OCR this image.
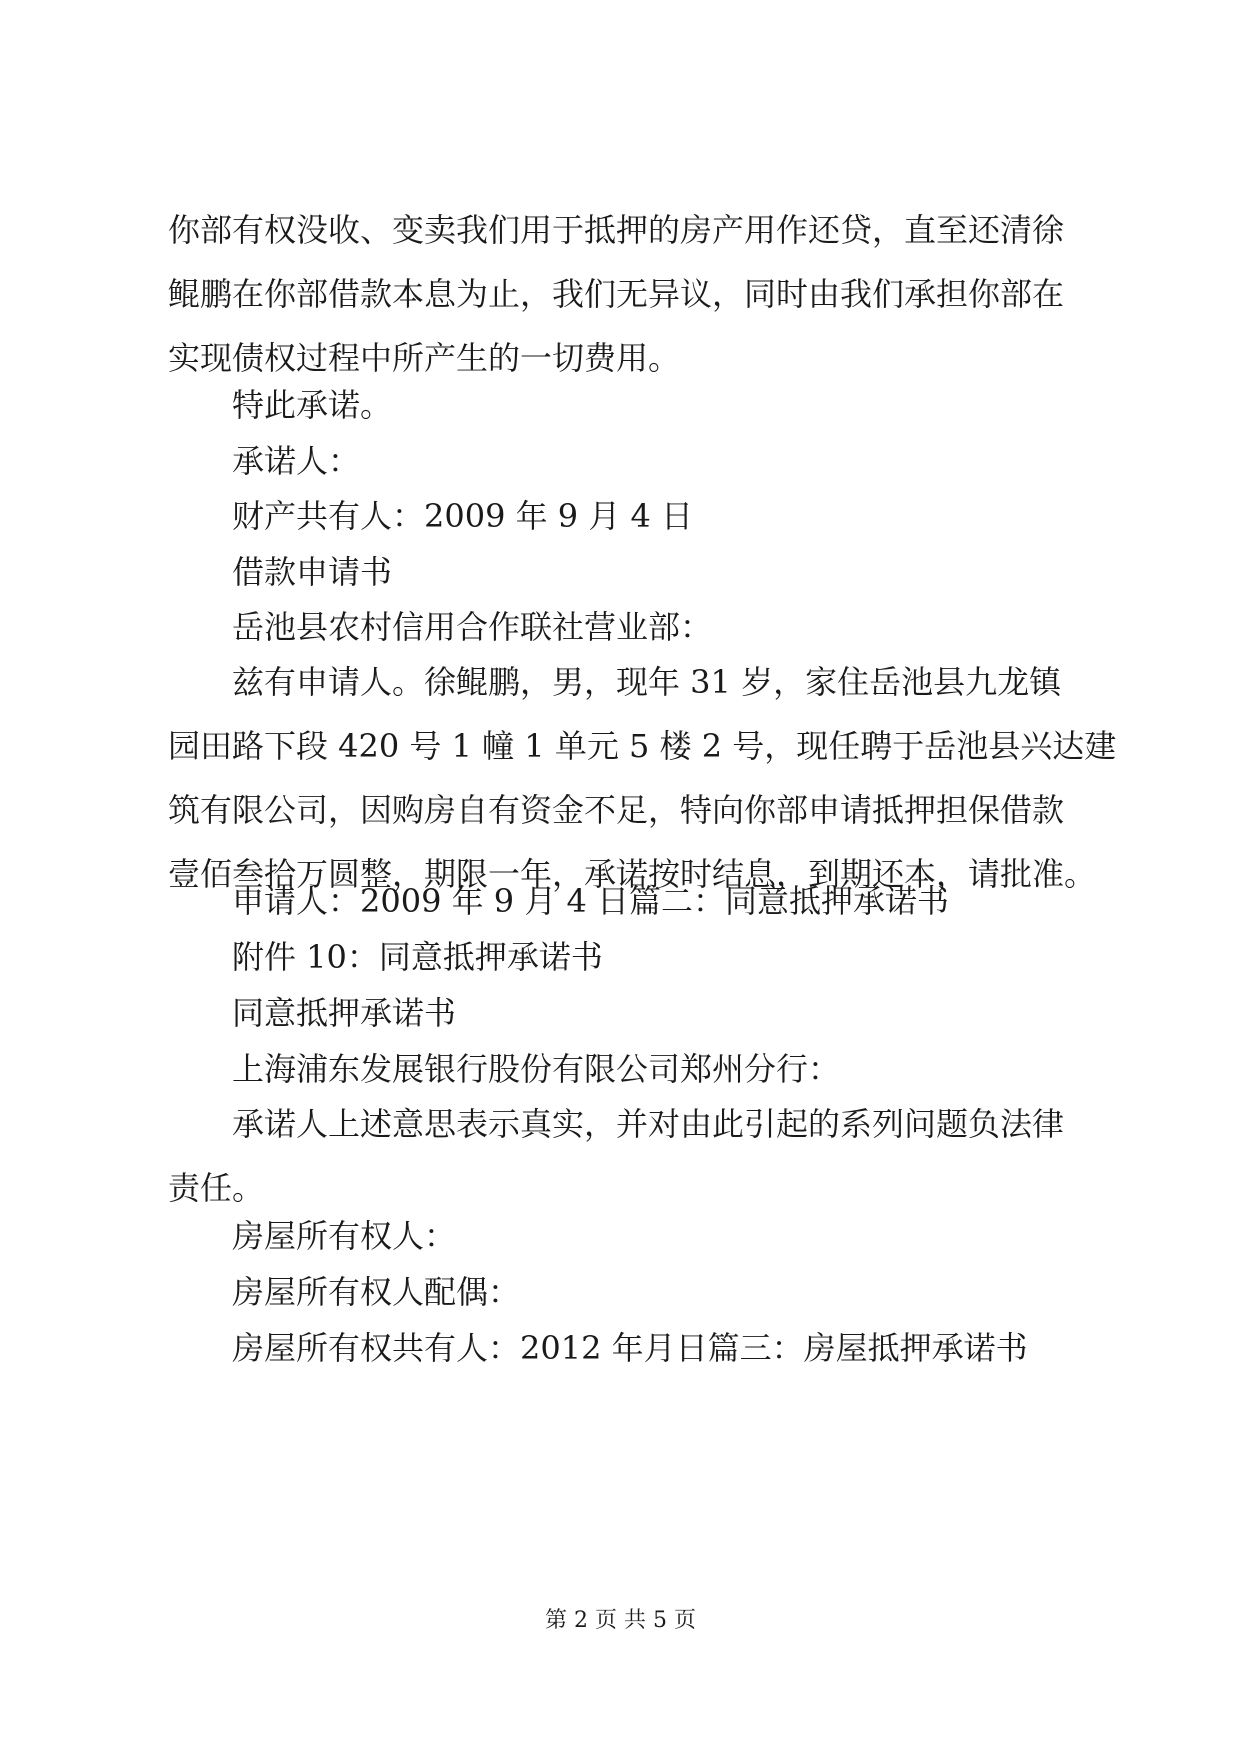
你部有权没收、变卖我们用于抵押的房产用作还贷，直至还清徐
鲲鹏在你部借款本息为止，我们无异议，同时由我们承担你部在
实现债权过程中所产生的一切费用。
特此承诺。
承诺人：
财产共有人：2009 年 9 月 4 日
借款申请书
岳池县农村信用合作联社营业部：
兹有申请人。徐鲲鹏，男，现年 31 岁，家住岳池县九龙镇
园田路下段 420 号 1 幢 1 单元 5 楼 2 号，现任聘于岳池县兴达建
筑有限公司，因购房自有资金不足，特向你部申请抵押担保借款
壹佰叁拾万圆整，期限一年，承诺按时结息，到期还本，请批准。
申请人：2009 年 9 月 4 日篇二：同意抵押承诺书
附件 10：同意抵押承诺书
同意抵押承诺书
上海浦东发展银行股份有限公司郑州分行：
承诺人上述意思表示真实，并对由此引起的系列问题负法律
责任。
房屋所有权人：
房屋所有权人配偶：
房屋所有权共有人：2012 年月日篇三：房屋抵押承诺书
第 2 页 共 5 页
